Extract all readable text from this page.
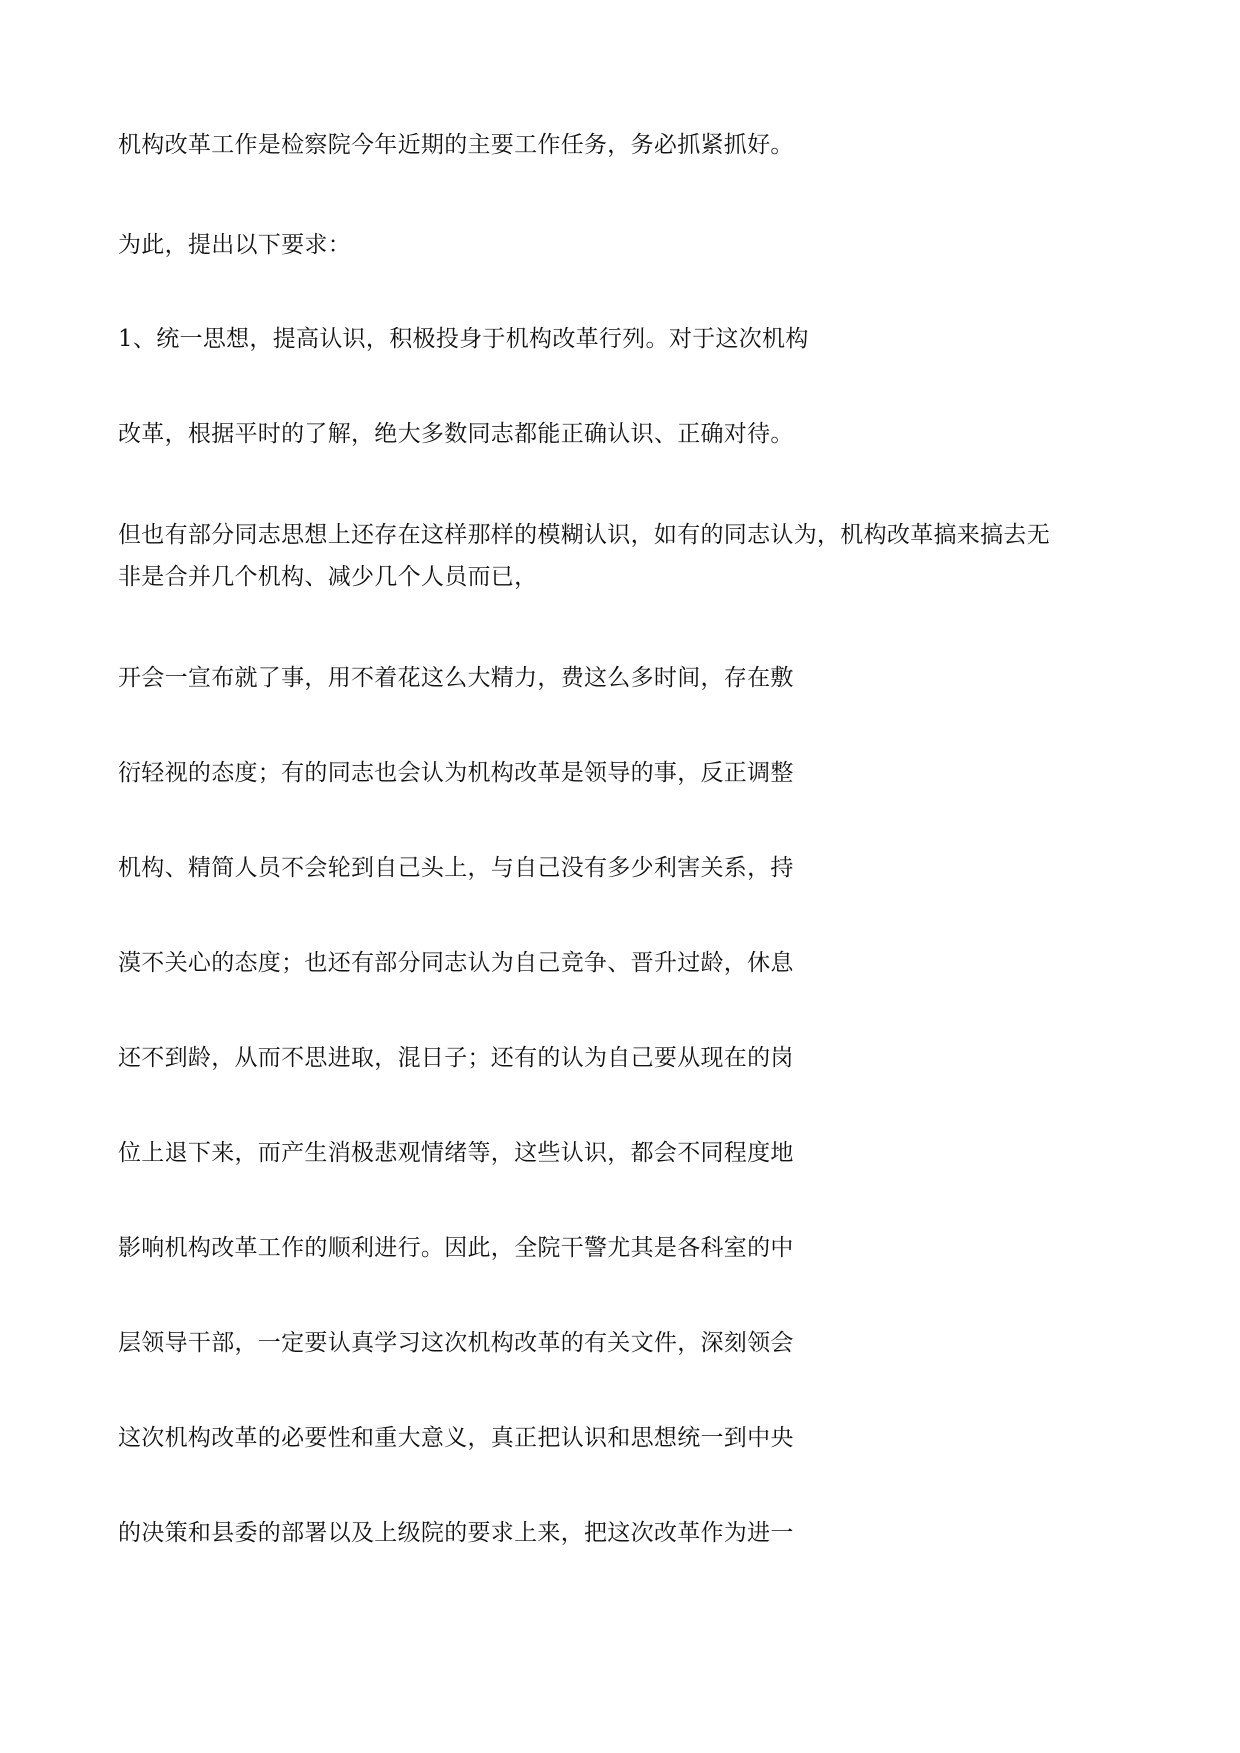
机构改革工作是检察院今年近期的主要工作任务，务必抓紧抓好。
为此，提出以下要求：
1、统一思想，提高认识，积极投身于机构改革行列。对于这次机构
改革，根据平时的了解，绝大多数同志都能正确认识、正确对待。
但也有部分同志思想上还存在这样那样的模糊认识，如有的同志认为，机构改革搞来搞去无
非是合并几个机构、减少几个人员而已，
开会一宣布就了事，用不着花这么大精力，费这么多时间，存在敷
衍轻视的态度；有的同志也会认为机构改革是领导的事，反正调整
机构、精简人员不会轮到自己头上，与自己没有多少利害关系，持
漠不关心的态度；也还有部分同志认为自己竞争、晋升过龄，休息
还不到龄，从而不思进取，混日子；还有的认为自己要从现在的岗
位上退下来，而产生消极悲观情绪等，这些认识，都会不同程度地
影响机构改革工作的顺利进行。因此，全院干警尤其是各科室的中
层领导干部，一定要认真学习这次机构改革的有关文件，深刻领会
这次机构改革的必要性和重大意义，真正把认识和思想统一到中央
的决策和县委的部署以及上级院的要求上来，把这次改革作为进一
